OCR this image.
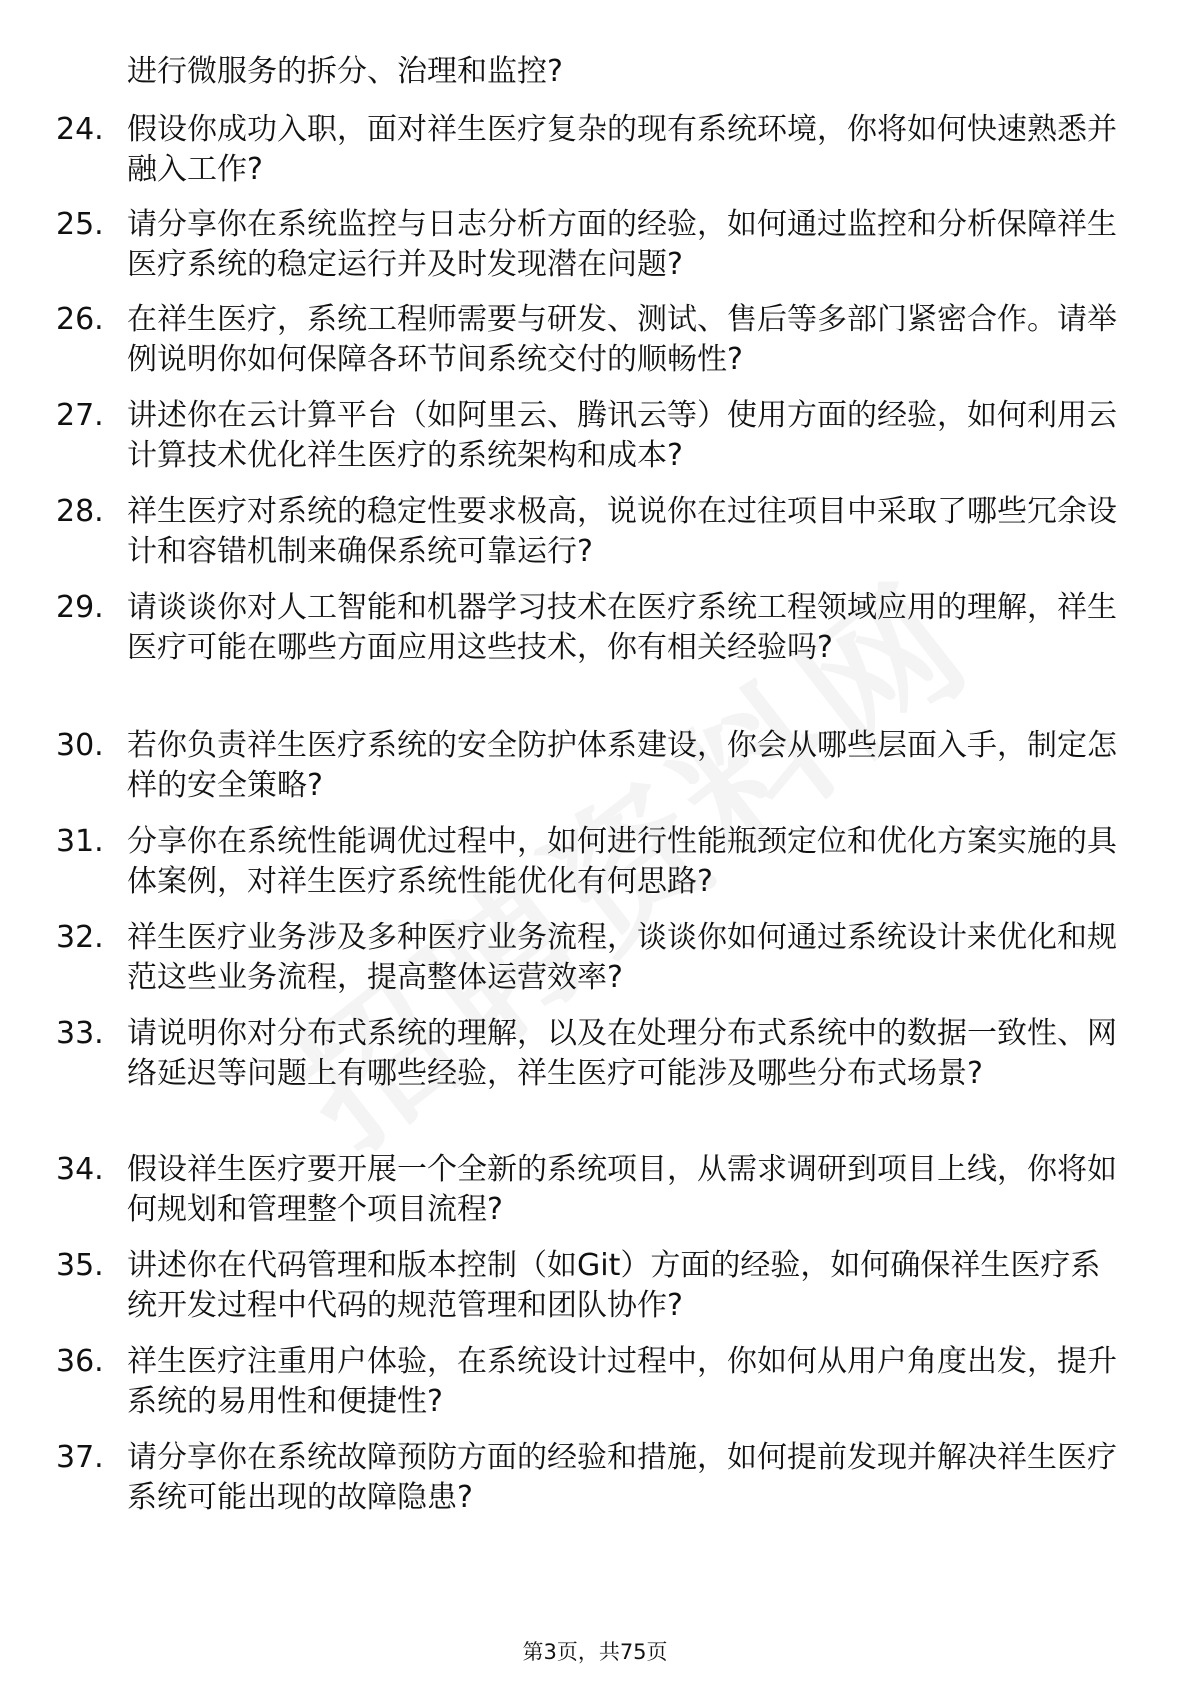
进行微服务的拆分、治理和监控?
24. 假设你成功入职，面对祥生医疗复杂的现有系统环境，你将如何快速熟悉并融入工作?
25. 请分享你在系统监控与日志分析方面的经验，如何通过监控和分析保障祥生医疗系统的稳定运行并及时发现潜在问题?
26. 在祥生医疗，系统工程师需要与研发、测试、售后等多部门紧密合作。请举例说明你如何保障各环节间系统交付的顺畅性?
27. 讲述你在云计算平台（如阿里云、腾讯云等）使用方面的经验，如何利用云计算技术优化祥生医疗的系统架构和成本?
28. 祥生医疗对系统的稳定性要求极高，说说你在过往项目中采取了哪些冗余设计和容错机制来确保系统可靠运行?
29. 请谈谈你对人工智能和机器学习技术在医疗系统工程领域应用的理解，祥生医疗可能在哪些方面应用这些技术，你有相关经验吗?
30. 若你负责祥生医疗系统的安全防护体系建设，你会从哪些层面入手，制定怎样的安全策略?
31. 分享你在系统性能调优过程中，如何进行性能瓶颈定位和优化方案实施的具体案例，对祥生医疗系统性能优化有何思路?
32. 祥生医疗业务涉及多种医疗业务流程，谈谈你如何通过系统设计来优化和规范这些业务流程，提高整体运营效率?
33. 请说明你对分布式系统的理解，以及在处理分布式系统中的数据一致性、网络延迟等问题上有哪些经验，祥生医疗可能涉及哪些分布式场景?
34. 假设祥生医疗要开展一个全新的系统项目，从需求调研到项目上线，你将如何规划和管理整个项目流程?
35. 讲述你在代码管理和版本控制（如Git）方面的经验，如何确保祥生医疗系统开发过程中代码的规范管理和团队协作?
36. 祥生医疗注重用户体验，在系统设计过程中，你如何从用户角度出发，提升系统的易用性和便捷性?
37. 请分享你在系统故障预防方面的经验和措施，如何提前发现并解决祥生医疗系统可能出现的故障隐患?
第3页，共75页
